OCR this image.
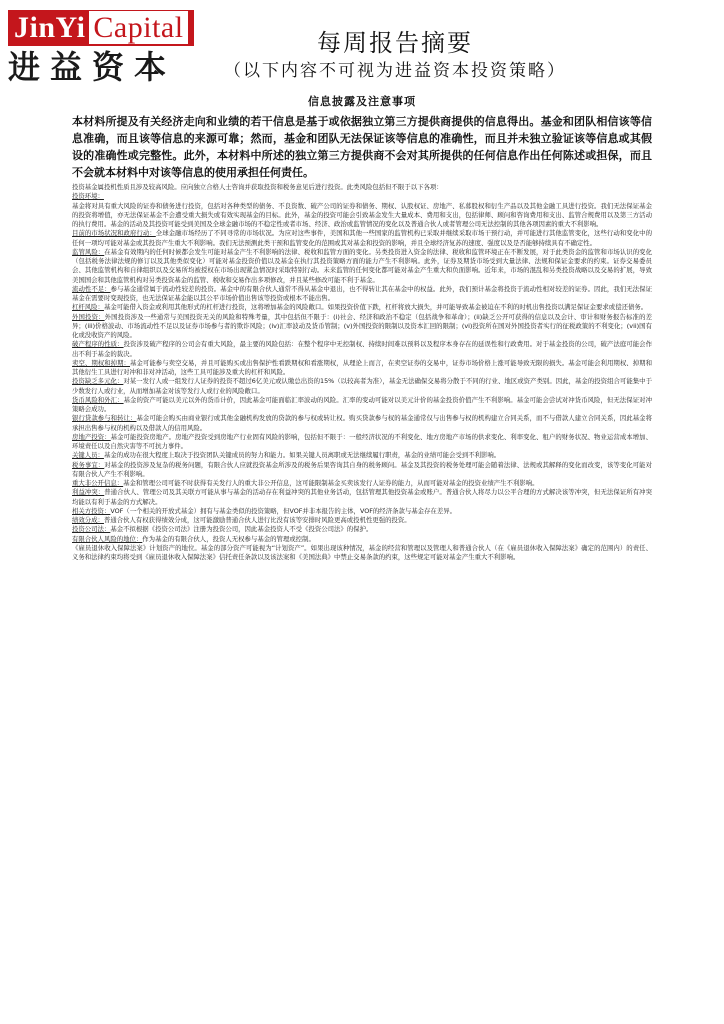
JinYi Capital
进益资本
每周报告摘要
（以下内容不可视为进益资本投资策略）
信息披露及注意事项
本材料所提及有关经济走向和业绩的若干信息是基于或依据独立第三方提供商提供的信息得出。基金和团队相信该等信息准确，而且该等信息的来源可靠；然而，基金和团队无法保证该等信息的准确性，而且并未独立验证该等信息或其假设的准确性或完整性。此外，本材料中所述的独立第三方提供商不会对其所提供的任何信息作出任何陈述或担保，而且不会就本材料中对该等信息的使用承担任何责任。

投资基金属投机性质且涉及较高风险。应向独立合格人士咨询并获取投资和税务意见后进行投资。此类风险包括但不限于以下各项：

投资环境：

基金将对具有重大风险的证券和债务进行投资，包括对各种类型的债务、不良资数、破产公司的证券和债务、期权、认股权证、房地产、私募股权和衍生产品以及其他金融工具进行投资。我们无法保证基金的投资将增值，亦无法保证基金不会遭受重大损失或有效实现基金的目标。此外，基金的投资可能会引致基金发生大量成本、费用和支出，包括律师、顾问和咨询费用和支出、监管合规费用以及第三方活动的执行费用。基金的活动及其投资可能受到美国及全球金融市场的不稳定性或者市场、经济、政治或监管情况的变化以及普通合伙人或者管理公司无法控制的其他各项因素的重大不利影响。

目前的市场状况和政府行动：全球金融市场经历了不同寻常的市场状况。为应对这些事件，美国和其他一些国家的监管机构已采取并继续采取市场干预行动，并可能进行其他监管变化，这些行动和变化中的任何一项均可能对基金或其投资产生重大不利影响。我们无法预测此类干预和监管变化的范围或其对基金和投资的影响，并且全球经济复苏的速度、强度以及是否能够持续具有不确定性。

监管风险：在基金有效期内的任何时候都会发生可能对基金产生不利影响的法律、税收和监管方面的变化。另类投资进入资金的法律、税收和监管环境正在不断发展，对于此类资金的监管和市场认识的变化（包括税务法律法规的修订以及其他类似变化）可能对基金投资价值以及基金在执行其投资策略方面的能力产生不利影响。此外，证券及期货市场受到大量法律、法规和保证金要求的约束。证券交易委员会、其他监管机构和自律组织以及交易所均被授权在市场出现紧急情况时采取特别行动。未来监管的任何变化都可能对基金产生重大和负面影响。近年来，市场的混乱和另类投资战略以及交易的扩展，导致美国国会和其他监管机构对另类投资基金的监管、税收和交易作出多项修改，并且某些修改可能不利于基金。

流动性不足：参与基金通常属于流动性较差的投资。基金中的有限合伙人通常不得从基金中退出，也不得转让其在基金中的权益。此外，我们预计基金将投资于流动性相对较差的证券。因此，我们无法保证基金在需要时变现投资，也无法保证基金能以其公平市场价值出售该等投资或根本不能出售。

杠杆风险：基金可能借入资金或利用其他形式的杠杆进行投资，这将增加基金的风险敞口。如果投资价值下跌，杠杆将放大损失，并可能导致基金被迫在不利的时机出售投资以满足保证金要求或偿还债务。

外国投资：外国投资涉及一些通常与美国投资无关的风险和特殊考量，其中包括但不限于：(i)社会、经济和政治不稳定（包括战争和革命）；(ii)缺乏公开可获得的信息以及会计、审计和财务报告标准的差异；(iii)价格波动、市场流动性不足以及证券市场参与者的欺诈风险；(iv)汇率波动及货币管制；(v)外国投资的限制以及资本汇回的限制；(vi)投资所在国对外国投资者实行的征税政策的不利变化；(vii)国有化或没收资产的风险。

破产程序的性质：投资涉及破产程序的公司会有重大风险，最主要的风险包括：在整个程序中无控制权、持续时间难以预料以及程序本身存在的延误性和行政费用。对于基金投资的公司，破产法庭可能会作出不利于基金的裁决。

卖空、期权和掉期：基金可能参与卖空交易，并且可能购买或出售保护性看跌期权和看涨期权，从理论上而言，在卖空证券的交易中，证券市场价格上涨可能导致无限的损失。基金可能会利用期权、掉期和其他衍生工具进行对冲和非对冲活动，这些工具可能涉及重大的杠杆和风险。

投资缺乏多元化：对某一发行人或一组发行人证券的投资不超过6亿美元或认缴总出资的15%（以较高者为准），基金无法确保交易将分散于不同的行业、地区或资产类别。因此，基金的投资组合可能集中于少数发行人或行业，从而增加基金对该等发行人或行业的风险敞口。

货币风险和外汇：基金的资产可能以美元以外的货币计价，因此基金可能面临汇率波动的风险。汇率的变动可能对以美元计价的基金投资价值产生不利影响。基金可能会尝试对冲货币风险，但无法保证对冲策略会成功。

银行贷款参与和转让：基金可能会购买由商业银行或其他金融机构发放的贷款的参与权或转让权。购买贷款参与权的基金通常仅与出售参与权的机构建立合同关系，而不与借款人建立合同关系，因此基金将承担出售参与权的机构以及借款人的信用风险。

房地产投资：基金可能投资房地产。房地产投资受到房地产行业固有风险的影响，包括但不限于：一般经济状况的不利变化、地方房地产市场的供求变化、利率变化、租户的财务状况、物业运营成本增加、环境责任以及自然灾害等不可抗力事件。

关键人员：基金的成功在很大程度上取决于投资团队关键成员的努力和能力。如果关键人员离职或无法继续履行职责，基金的业绩可能会受到不利影响。

税务事宜：对基金的投资涉及复杂的税务问题，有限合伙人应就投资基金所涉及的税务后果咨询其自身的税务顾问。基金及其投资的税务处理可能会随着法律、法规或其解释的变化而改变，该等变化可能对有限合伙人产生不利影响。

重大非公开信息：基金和管理公司可能不时获得有关发行人的重大非公开信息，这可能限制基金买卖该发行人证券的能力，从而可能对基金的投资业绩产生不利影响。

利益冲突：普通合伙人、管理公司及其关联方可能从事与基金的活动存在利益冲突的其他业务活动，包括管理其他投资基金或账户。普通合伙人将尽力以公平合理的方式解决该等冲突，但无法保证所有冲突均能以有利于基金的方式解决。

相关方投资：VOF（一个相关的开放式基金）拥有与基金类似的投资策略，但VOF并非本报告的主体，VOF的经济条款与基金存在差异。

绩效分成：普通合伙人有权获得绩效分成，这可能激励普通合伙人进行比没有该等安排时风险更高或投机性更强的投资。

投资公司法：基金不拟根据《投资公司法》注册为投资公司，因此基金投资人不受《投资公司法》的保护。

有限合伙人风险的地位：作为基金的有限合伙人，投资人无权参与基金的管理或控制。

《雇员退休收入保障法案》计划资产的地位。基金的部分资产可能视为“计划资产”。如果出现该种情况，基金的经营和管理以及管理人和普通合伙人（在《雇员退休收入保障法案》确定的范围内）的责任、义务和法律约束均将受到《雇员退休收入保障法案》信托责任条款以及该法案和《美国法典》中禁止交易条款的约束，这些规定可能对基金产生重大不利影响。
